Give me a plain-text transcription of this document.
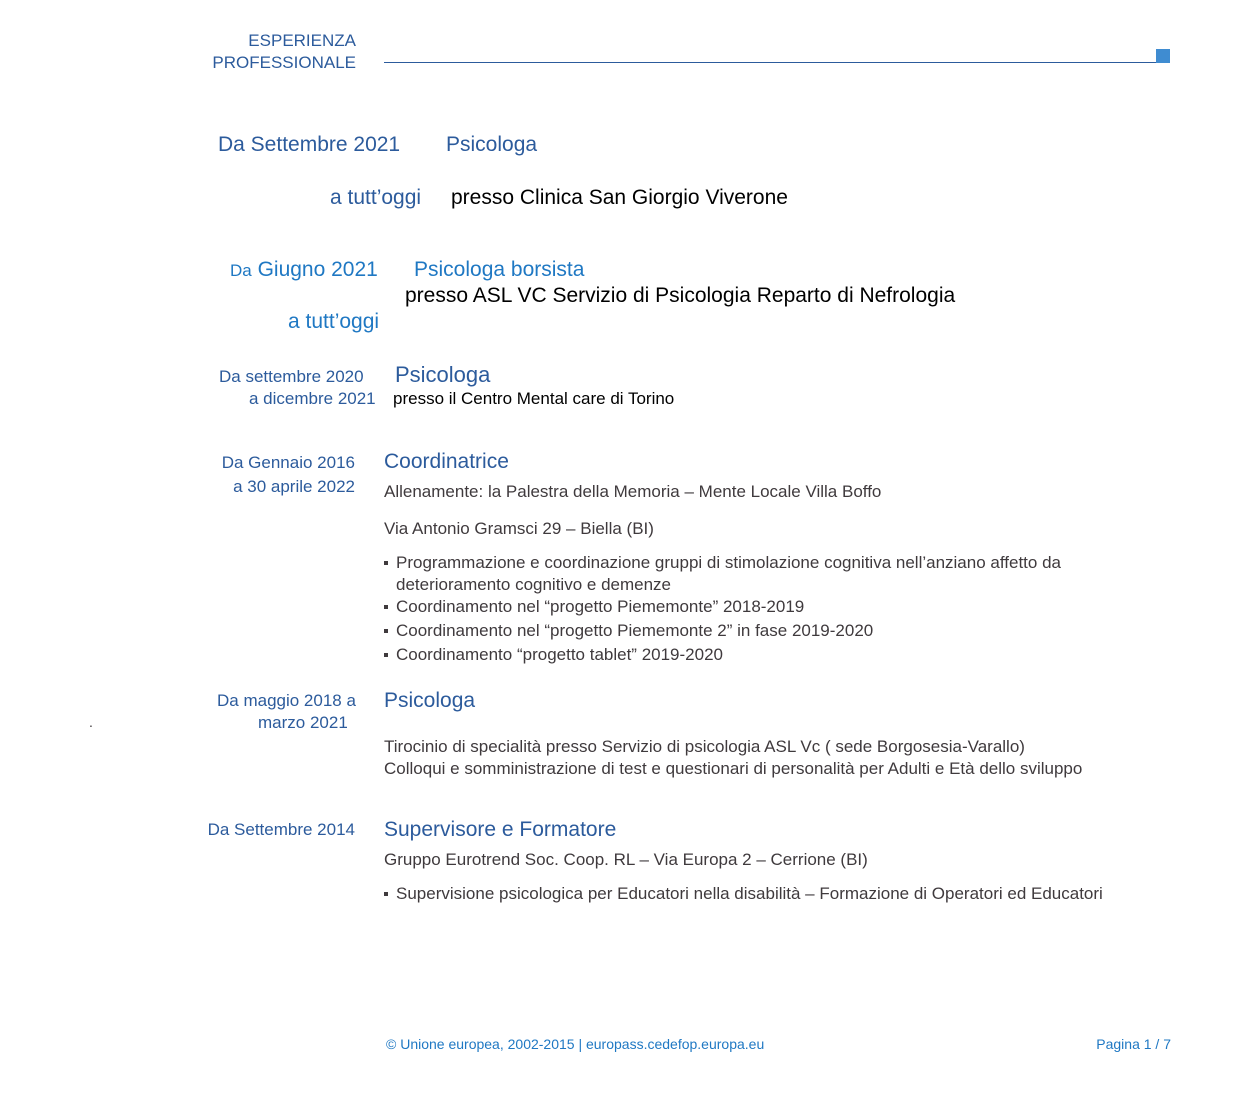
ESPERIENZA
PROFESSIONALE
Da Settembre 2021 Psicologa
a tutt’oggi presso Clinica San Giorgio Viverone
Da Giugno 2021 Psicologa borsista
presso ASL VC Servizio di Psicologia Reparto di Nefrologia
a tutt’oggi
Da settembre 2020 Psicologa
a dicembre 2021 presso il Centro Mental care di Torino
Da Gennaio 2016
a 30 aprile 2022
Coordinatrice
Allenamente: la Palestra della Memoria – Mente Locale Villa Boffo
Via Antonio Gramsci 29 – Biella (BI)
Programmazione e coordinazione gruppi di stimolazione cognitiva nell’anziano affetto da
deterioramento cognitivo e demenze
Coordinamento nel “progetto Piememonte” 2018-2019
Coordinamento nel “progetto Piememonte 2” in fase 2019-2020
Coordinamento “progetto tablet” 2019-2020
Da maggio 2018 a
marzo 2021
Psicologa
Tirocinio di specialità presso Servizio di psicologia ASL Vc ( sede Borgosesia-Varallo)
Colloqui e somministrazione di test e questionari di personalità per Adulti e Età dello sviluppo
.
Da Settembre 2014 Supervisore e Formatore
Gruppo Eurotrend Soc. Coop. RL – Via Europa 2 – Cerrione (BI)
Supervisione psicologica per Educatori nella disabilità – Formazione di Operatori ed Educatori
© Unione europea, 2002-2015 | europass.cedefop.europa.eu	Pagina 1 / 7
